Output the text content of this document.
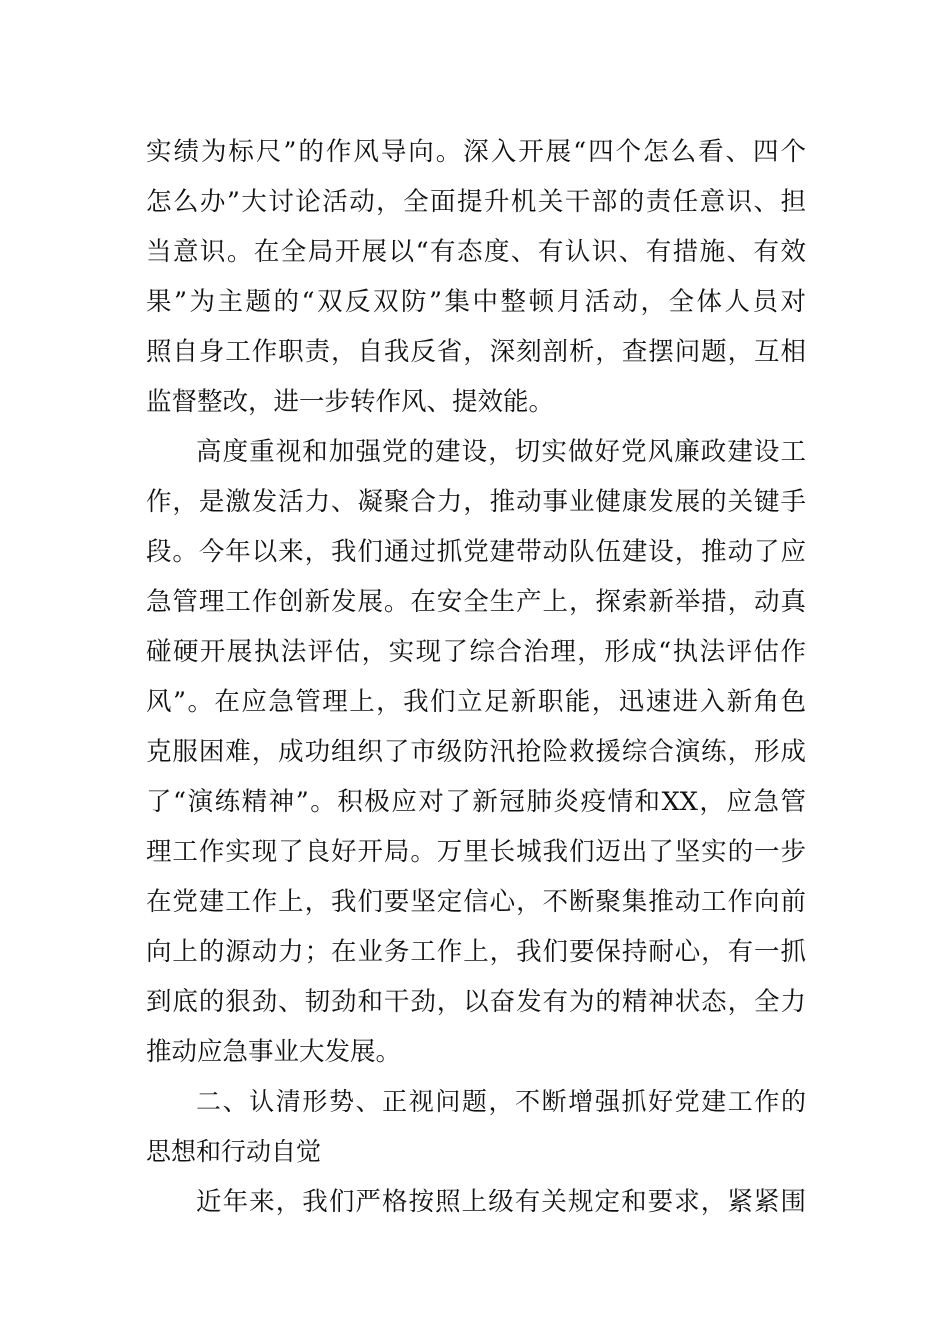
实绩为标尺”的作风导向。深入开展“四个怎么看、四个
怎么办”大讨论活动，全面提升机关干部的责任意识、担
当意识。在全局开展以“有态度、有认识、有措施、有效
果”为主题的“双反双防”集中整顿月活动，全体人员对
照自身工作职责，自我反省，深刻剖析，查摆问题，互相
监督整改，进一步转作风、提效能。
高度重视和加强党的建设，切实做好党风廉政建设工
作，是激发活力、凝聚合力，推动事业健康发展的关键手
段。今年以来，我们通过抓党建带动队伍建设，推动了应
急管理工作创新发展。在安全生产上，探索新举措，动真
碰硬开展执法评估，实现了综合治理，形成“执法评估作
风”。在应急管理上，我们立足新职能，迅速进入新角色
克服困难，成功组织了市级防汛抢险救援综合演练，形成
了“演练精神”。积极应对了新冠肺炎疫情和XX，应急管
理工作实现了良好开局。万里长城我们迈出了坚实的一步
在党建工作上，我们要坚定信心，不断聚集推动工作向前
向上的源动力；在业务工作上，我们要保持耐心，有一抓
到底的狠劲、韧劲和干劲，以奋发有为的精神状态，全力
推动应急事业大发展。
二、认清形势、正视问题，不断增强抓好党建工作的
思想和行动自觉
近年来，我们严格按照上级有关规定和要求，紧紧围
